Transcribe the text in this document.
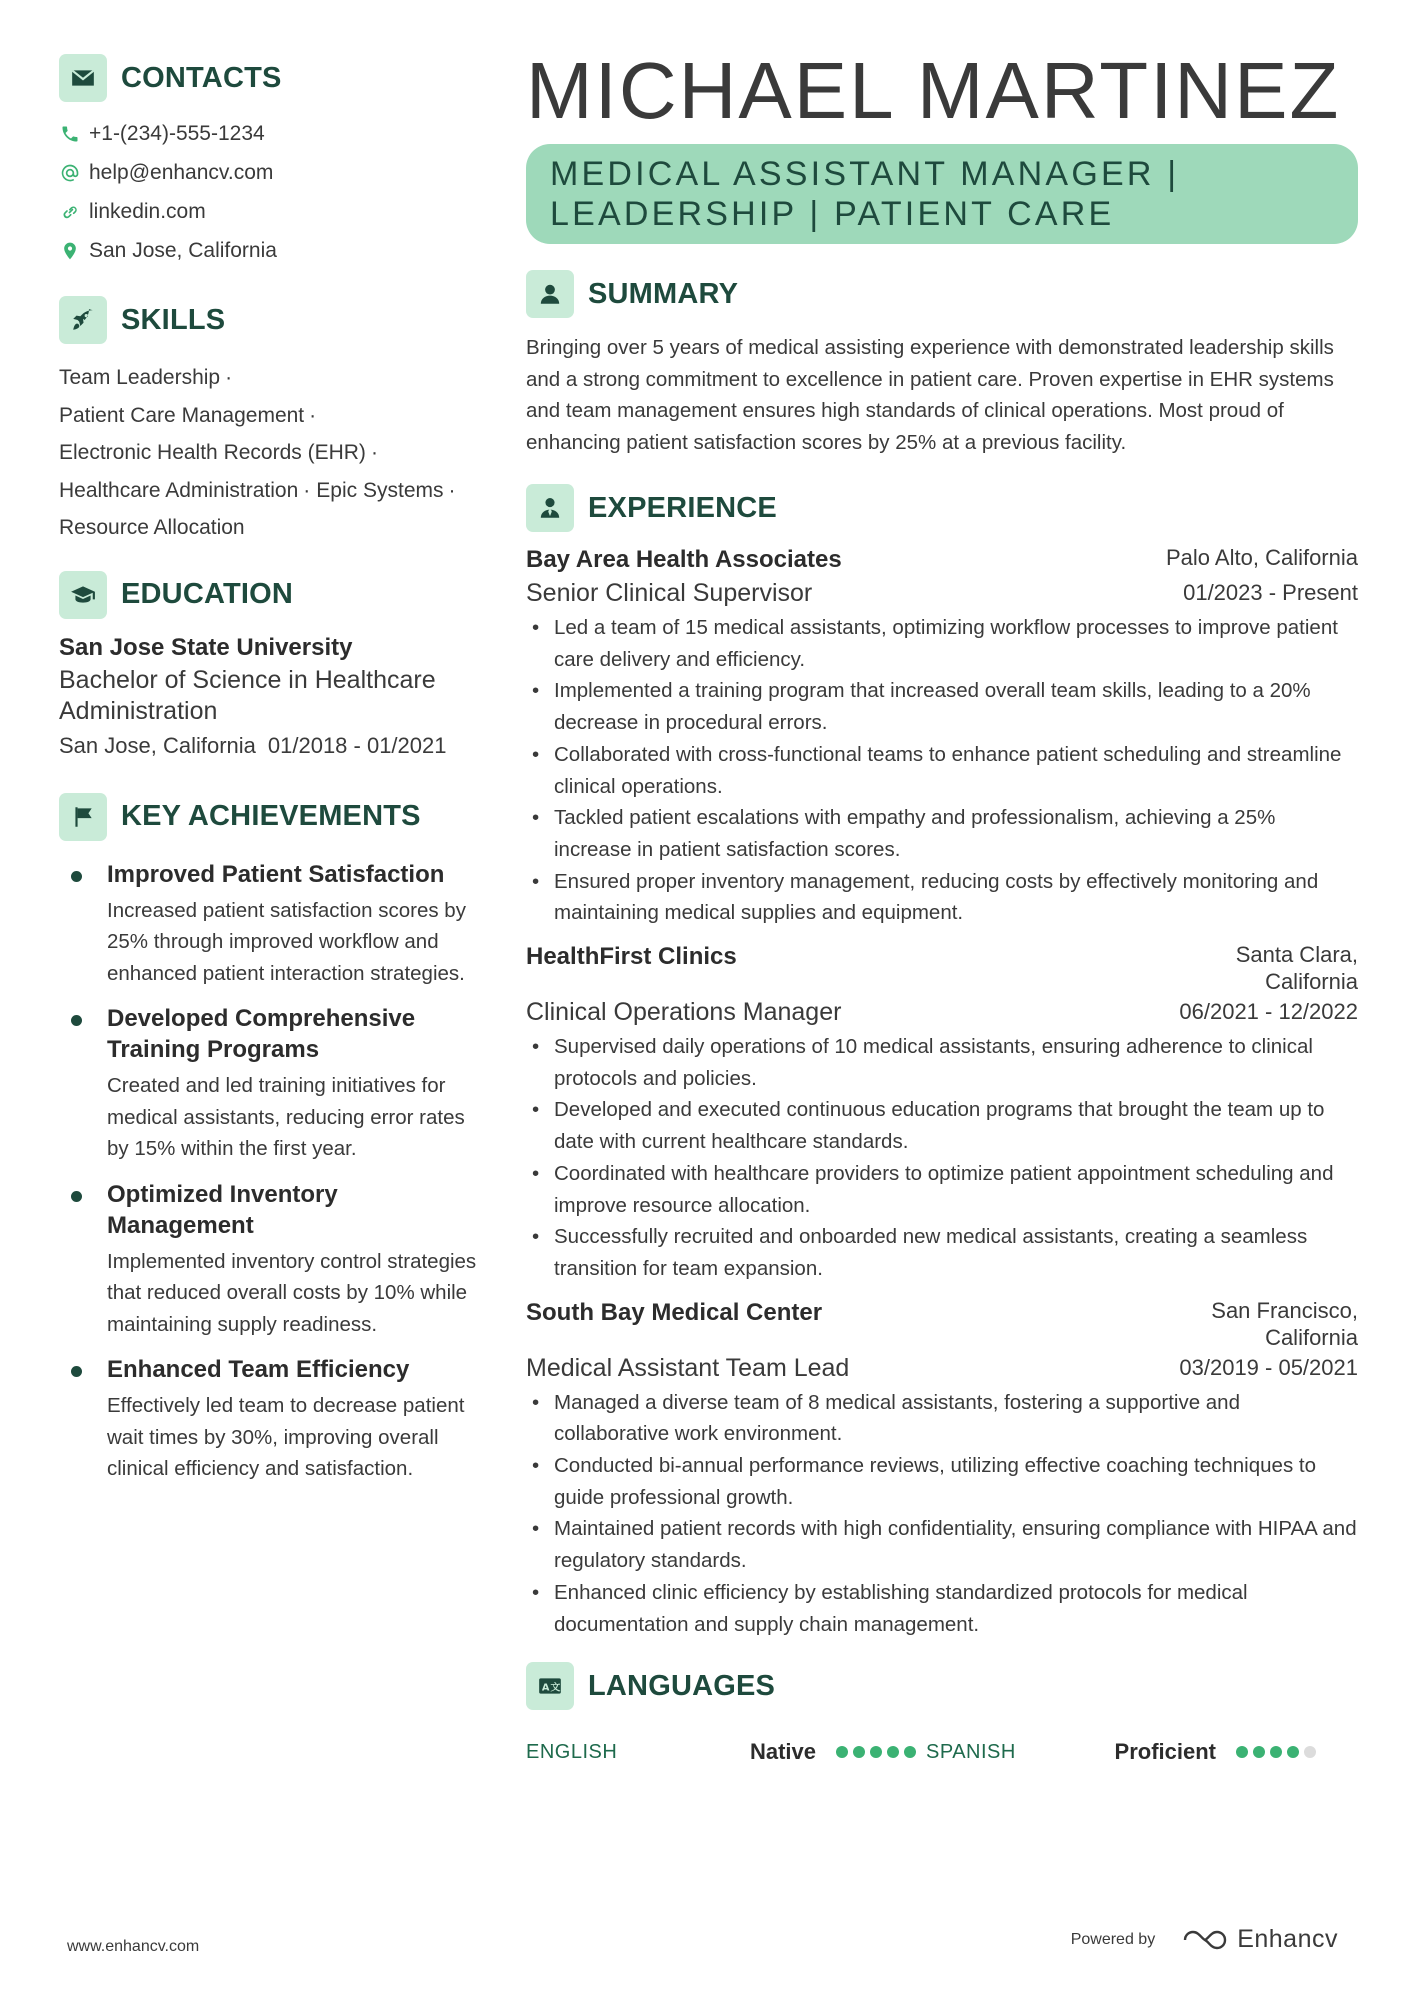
CONTACTS
+1-(234)-555-1234
help@enhancv.com
linkedin.com
San Jose, California
SKILLS
Team Leadership ·
Patient Care Management ·
Electronic Health Records (EHR) ·
Healthcare Administration · Epic Systems ·
Resource Allocation
EDUCATION
San Jose State University
Bachelor of Science in Healthcare Administration
San Jose, California 01/2018 - 01/2021
KEY ACHIEVEMENTS
Improved Patient Satisfaction
Increased patient satisfaction scores by 25% through improved workflow and enhanced patient interaction strategies.
Developed Comprehensive Training Programs
Created and led training initiatives for medical assistants, reducing error rates by 15% within the first year.
Optimized Inventory Management
Implemented inventory control strategies that reduced overall costs by 10% while maintaining supply readiness.
Enhanced Team Efficiency
Effectively led team to decrease patient wait times by 30%, improving overall clinical efficiency and satisfaction.
MICHAEL MARTINEZ
MEDICAL ASSISTANT MANAGER |
LEADERSHIP | PATIENT CARE
SUMMARY
Bringing over 5 years of medical assisting experience with demonstrated leadership skills and a strong commitment to excellence in patient care. Proven expertise in EHR systems and team management ensures high standards of clinical operations. Most proud of enhancing patient satisfaction scores by 25% at a previous facility.
EXPERIENCE
Bay Area Health Associates	Palo Alto, California
Senior Clinical Supervisor	01/2023 - Present
• Led a team of 15 medical assistants, optimizing workflow processes to improve patient care delivery and efficiency.
• Implemented a training program that increased overall team skills, leading to a 20% decrease in procedural errors.
• Collaborated with cross-functional teams to enhance patient scheduling and streamline clinical operations.
• Tackled patient escalations with empathy and professionalism, achieving a 25% increase in patient satisfaction scores.
• Ensured proper inventory management, reducing costs by effectively monitoring and maintaining medical supplies and equipment.
HealthFirst Clinics	Santa Clara,
California
Clinical Operations Manager	06/2021 - 12/2022
• Supervised daily operations of 10 medical assistants, ensuring adherence to clinical protocols and policies.
• Developed and executed continuous education programs that brought the team up to date with current healthcare standards.
• Coordinated with healthcare providers to optimize patient appointment scheduling and improve resource allocation.
• Successfully recruited and onboarded new medical assistants, creating a seamless transition for team expansion.
South Bay Medical Center	San Francisco,
California
Medical Assistant Team Lead	03/2019 - 05/2021
• Managed a diverse team of 8 medical assistants, fostering a supportive and collaborative work environment.
• Conducted bi-annual performance reviews, utilizing effective coaching techniques to guide professional growth.
• Maintained patient records with high confidentiality, ensuring compliance with HIPAA and regulatory standards.
• Enhanced clinic efficiency by establishing standardized protocols for medical documentation and supply chain management.
A 文 LANGUAGES
ENGLISH	Native	SPANISH	Proficient
www.enhancv.com	Powered by	Enhancv
